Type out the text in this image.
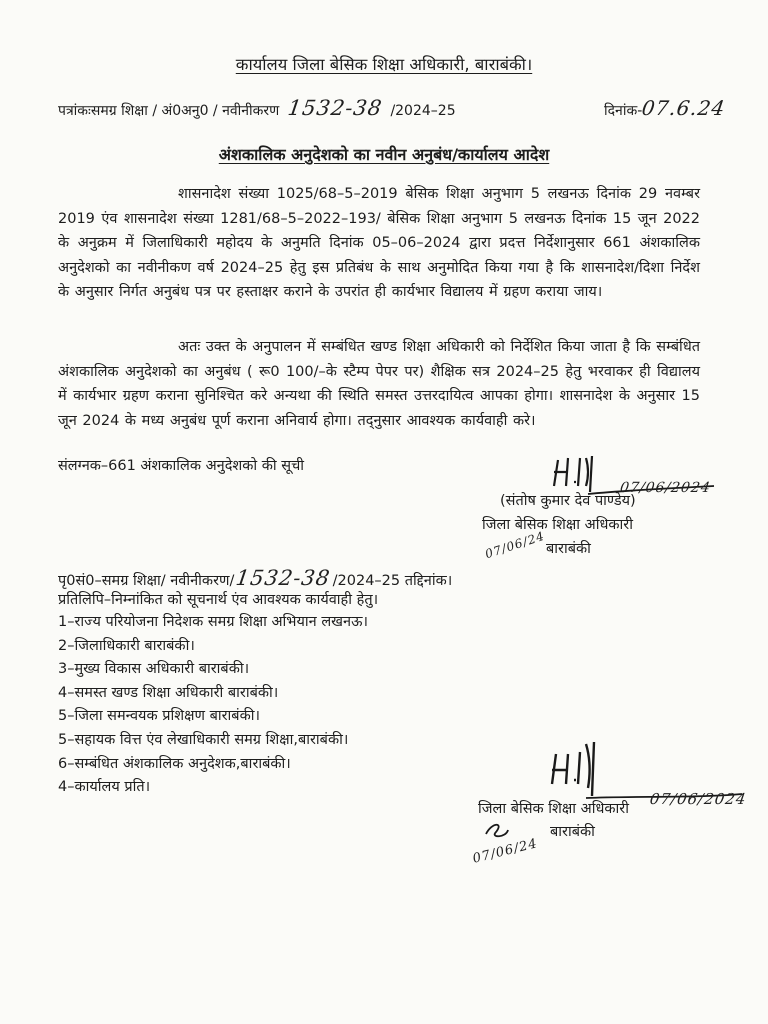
कार्यालय जिला बेसिक शिक्षा अधिकारी, बाराबंकी।
पत्रांकःसमग्र शिक्षा / अं0अनु0 / नवीनीकरण 1532-38 /2024–25	दिनांक-07.6.24
अंशकालिक अनुदेशको का नवीन अनुबंध/कार्यालय आदेश
शासनादेश संख्या 1025/68–5–2019 बेसिक शिक्षा अनुभाग 5 लखनऊ दिनांक 29 नवम्बर 2019 एंव शासनादेश संख्या 1281/68–5–2022–193/ बेसिक शिक्षा अनुभाग 5 लखनऊ दिनांक 15 जून 2022 के अनुक्रम में जिलाधिकारी महोदय के अनुमति दिनांक 05–06–2024 द्वारा प्रदत्त निर्देशानुसार 661 अंशकालिक अनुदेशको का नवीनीकण वर्ष 2024–25 हेतु इस प्रतिबंध के साथ अनुमोदित किया गया है कि शासनादेश/दिशा निर्देश के अनुसार निर्गत अनुबंध पत्र पर हस्ताक्षर कराने के उपरांत ही कार्यभार विद्यालय में ग्रहण कराया जाय।
अतः उक्त के अनुपालन में सम्बंधित खण्ड शिक्षा अधिकारी को निर्देशित किया जाता है कि सम्बंधित अंशकालिक अनुदेशको का अनुबंध ( रू0 100/–के स्टैम्प पेपर पर) शैक्षिक सत्र 2024–25 हेतु भरवाकर ही विद्यालय में कार्यभार ग्रहण कराना सुनिश्चित करे अन्यथा की स्थिति समस्त उत्तरदायित्व आपका होगा। शासनादेश के अनुसार 15 जून 2024 के मध्य अनुबंध पूर्ण कराना अनिवार्य होगा। तद्नुसार आवश्यक कार्यवाही करे।
संलग्नक–661 अंशकालिक अनुदेशको की सूची
07/06/2024
(संतोष कुमार देव पाण्डेय)
जिला बेसिक शिक्षा अधिकारी
07/06/24 बाराबंकी
पृ0सं0–समग्र शिक्षा/ नवीनीकरण/1532-38/2024–25 तद्दिनांक।
प्रतिलिपि–निम्नांकित को सूचनार्थ एंव आवश्यक कार्यवाही हेतु।
1–राज्य परियोजना निदेशक समग्र शिक्षा अभियान लखनऊ।
2–जिलाधिकारी बाराबंकी।
3–मुख्य विकास अधिकारी बाराबंकी।
4–समस्त खण्ड शिक्षा अधिकारी बाराबंकी।
5–जिला समन्वयक प्रशिक्षण बाराबंकी।
5–सहायक वित्त एंव लेखाधिकारी समग्र शिक्षा,बाराबंकी।
6–सम्बंधित अंशकालिक अनुदेशक,बाराबंकी।
4–कार्यालय प्रति।
07/06/2024
जिला बेसिक शिक्षा अधिकारी
बाराबंकी
07/06/24
